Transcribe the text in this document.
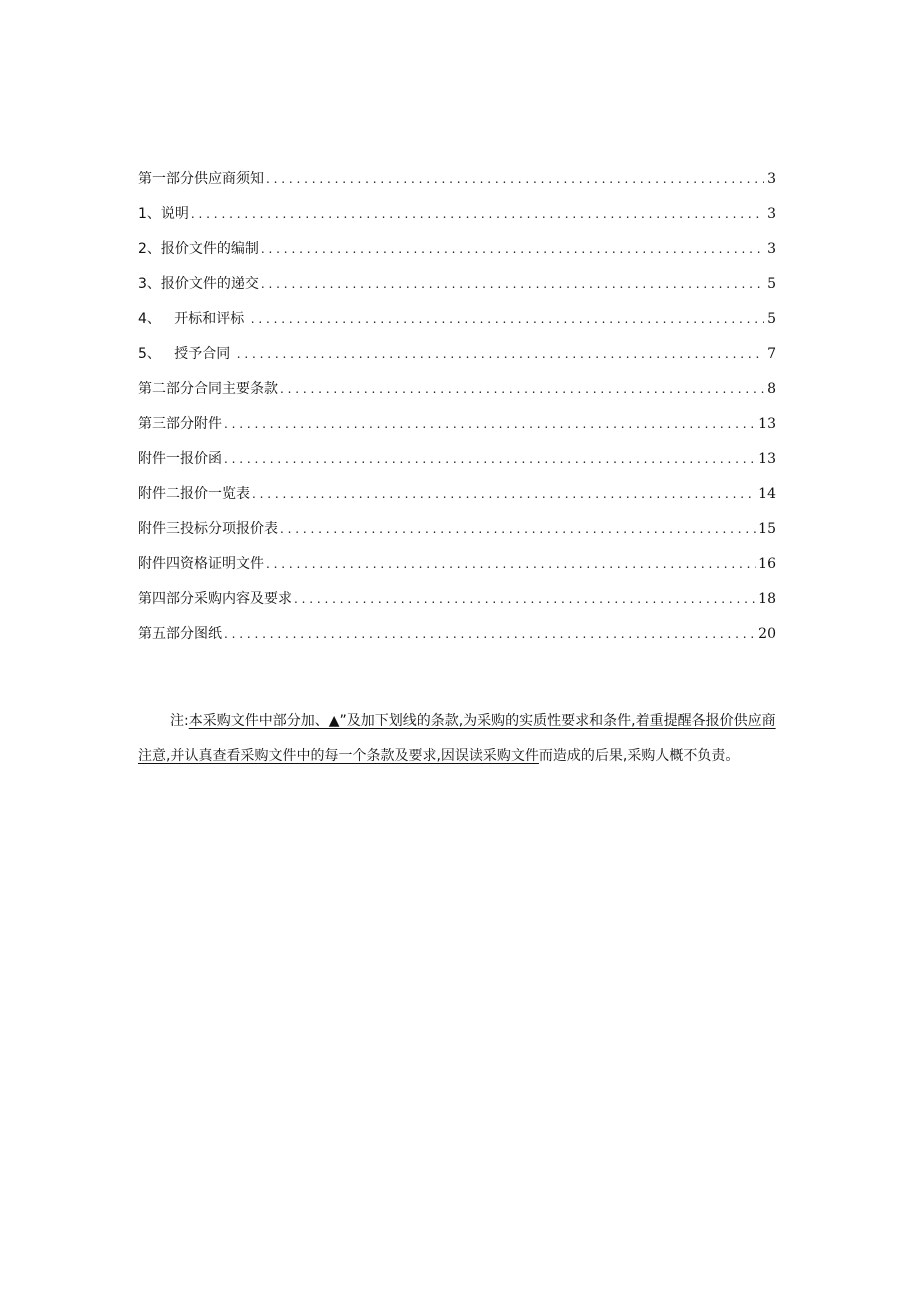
第一部分供应商须知 . . .	3
1、说明 . . .	3
2、报价文件的编制 . . .	3
3、报价文件的递交 . . .	5
4、   开标和评标 . . .	5
5、   授予合同 . . .	7
第二部分合同主要条款 . . .	8
第三部分附件 . . .	13
附件一报价函 . . .	13
附件二报价一览表 . . .	14
附件三投标分项报价表 . . .	15
附件四资格证明文件 . . .	16
第四部分采购内容及要求 . . .	18
第五部分图纸 . . .	20

注:本采购文件中部分加、▲”及加下划线的条款,为采购的实质性要求和条件,着重提醒各报价供应商注意,并认真查看采购文件中的每一个条款及要求,因误读采购文件而造成的后果,采购人概不负责。
